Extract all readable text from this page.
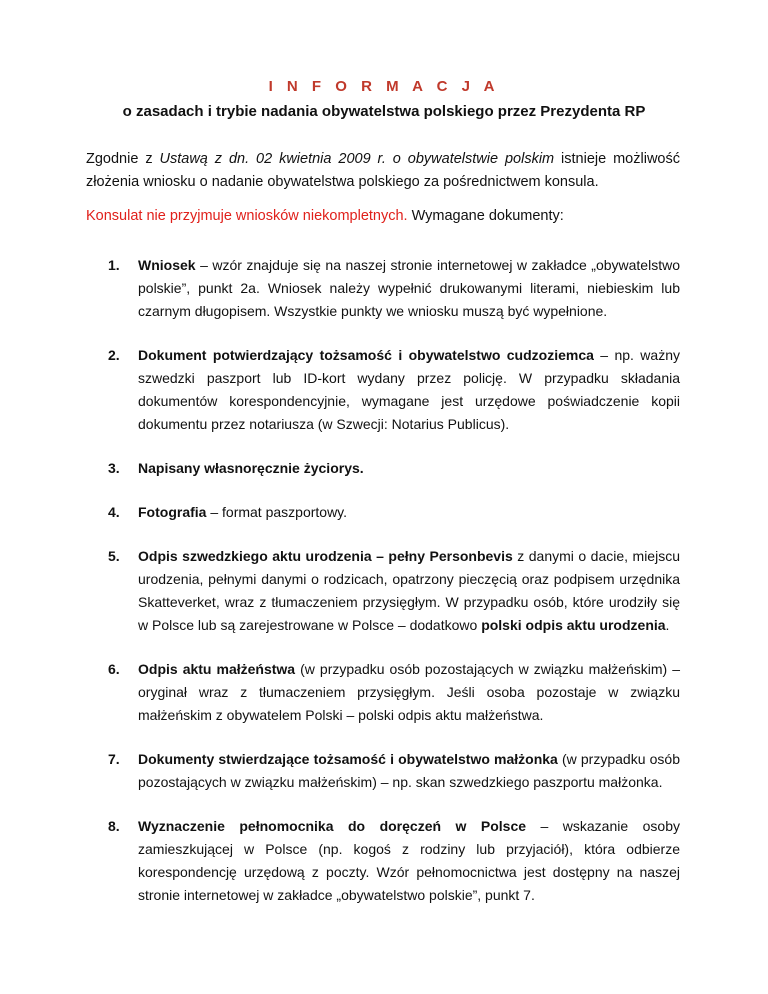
I N F O R M A C J A
o zasadach i trybie nadania obywatelstwa polskiego przez Prezydenta RP

Zgodnie z Ustawą z dn. 02 kwietnia 2009 r. o obywatelstwie polskim istnieje możliwość złożenia wniosku o nadanie obywatelstwa polskiego za pośrednictwem konsula.

Konsulat nie przyjmuje wniosków niekompletnych. Wymagane dokumenty:

1. Wniosek – wzór znajduje się na naszej stronie internetowej w zakładce „obywatelstwo polskie”, punkt 2a. Wniosek należy wypełnić drukowanymi literami, niebieskim lub czarnym długopisem. Wszystkie punkty we wniosku muszą być wypełnione.
2. Dokument potwierdzający tożsamość i obywatelstwo cudzoziemca – np. ważny szwedzki paszport lub ID-kort wydany przez policję. W przypadku składania dokumentów korespondencyjnie, wymagane jest urzędowe poświadczenie kopii dokumentu przez notariusza (w Szwecji: Notarius Publicus).
3. Napisany własnoręcznie życiorys.
4. Fotografia – format paszportowy.
5. Odpis szwedzkiego aktu urodzenia – pełny Personbevis z danymi o dacie, miejscu urodzenia, pełnymi danymi o rodzicach, opatrzony pieczęcią oraz podpisem urzędnika Skatteverket, wraz z tłumaczeniem przysięgłym. W przypadku osób, które urodziły się w Polsce lub są zarejestrowane w Polsce – dodatkowo polski odpis aktu urodzenia.
6. Odpis aktu małżeństwa (w przypadku osób pozostających w związku małżeńskim) – oryginał wraz z tłumaczeniem przysięgłym. Jeśli osoba pozostaje w związku małżeńskim z obywatelem Polski – polski odpis aktu małżeństwa.
7. Dokumenty stwierdzające tożsamość i obywatelstwo małżonka (w przypadku osób pozostających w związku małżeńskim) – np. skan szwedzkiego paszportu małżonka.
8. Wyznaczenie pełnomocnika do doręczeń w Polsce – wskazanie osoby zamieszkującej w Polsce (np. kogoś z rodziny lub przyjaciół), która odbierze korespondencję urzędową z poczty. Wzór pełnomocnictwa jest dostępny na naszej stronie internetowej w zakładce „obywatelstwo polskie”, punkt 7.
